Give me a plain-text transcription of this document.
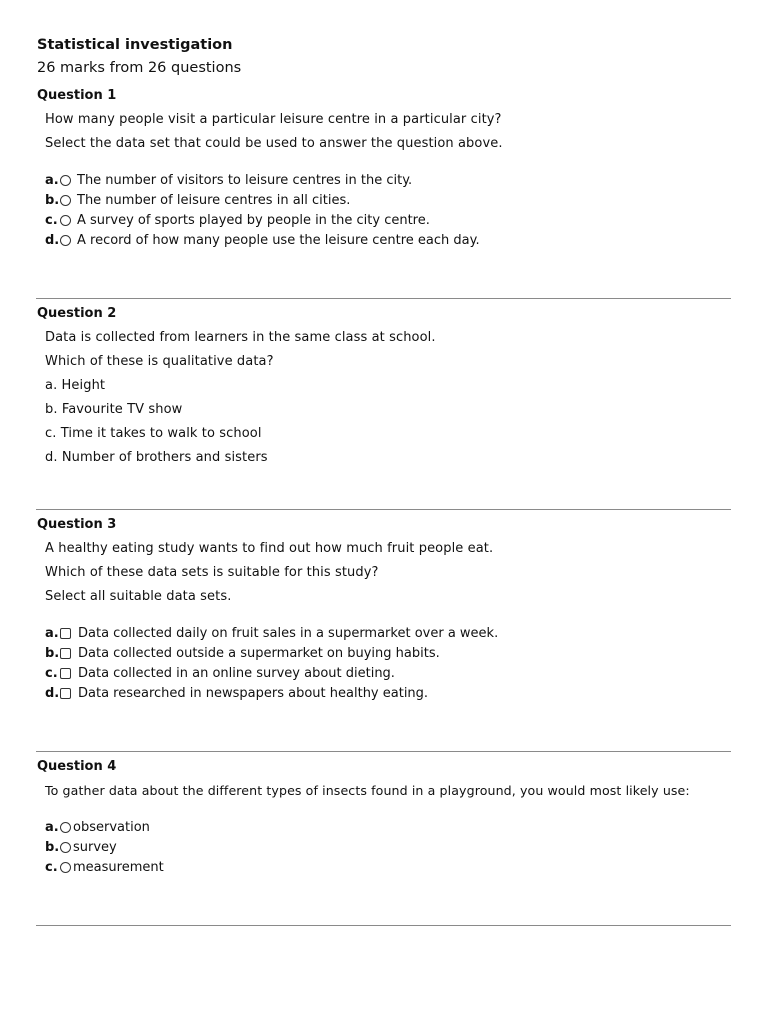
Statistical investigation
26 marks from 26 questions
Question 1
How many people visit a particular leisure centre in a particular city?
Select the data set that could be used to answer the question above.
a. The number of visitors to leisure centres in the city.
b. The number of leisure centres in all cities.
c. A survey of sports played by people in the city centre.
d. A record of how many people use the leisure centre each day.
Question 2
Data is collected from learners in the same class at school.
Which of these is qualitative data?
a. Height
b. Favourite TV show
c. Time it takes to walk to school
d. Number of brothers and sisters
Question 3
A healthy eating study wants to find out how much fruit people eat.
Which of these data sets is suitable for this study?
Select all suitable data sets.
a. Data collected daily on fruit sales in a supermarket over a week.
b. Data collected outside a supermarket on buying habits.
c. Data collected in an online survey about dieting.
d. Data researched in newspapers about healthy eating.
Question 4
To gather data about the different types of insects found in a playground, you would most likely use:
a. observation
b. survey
c. measurement
